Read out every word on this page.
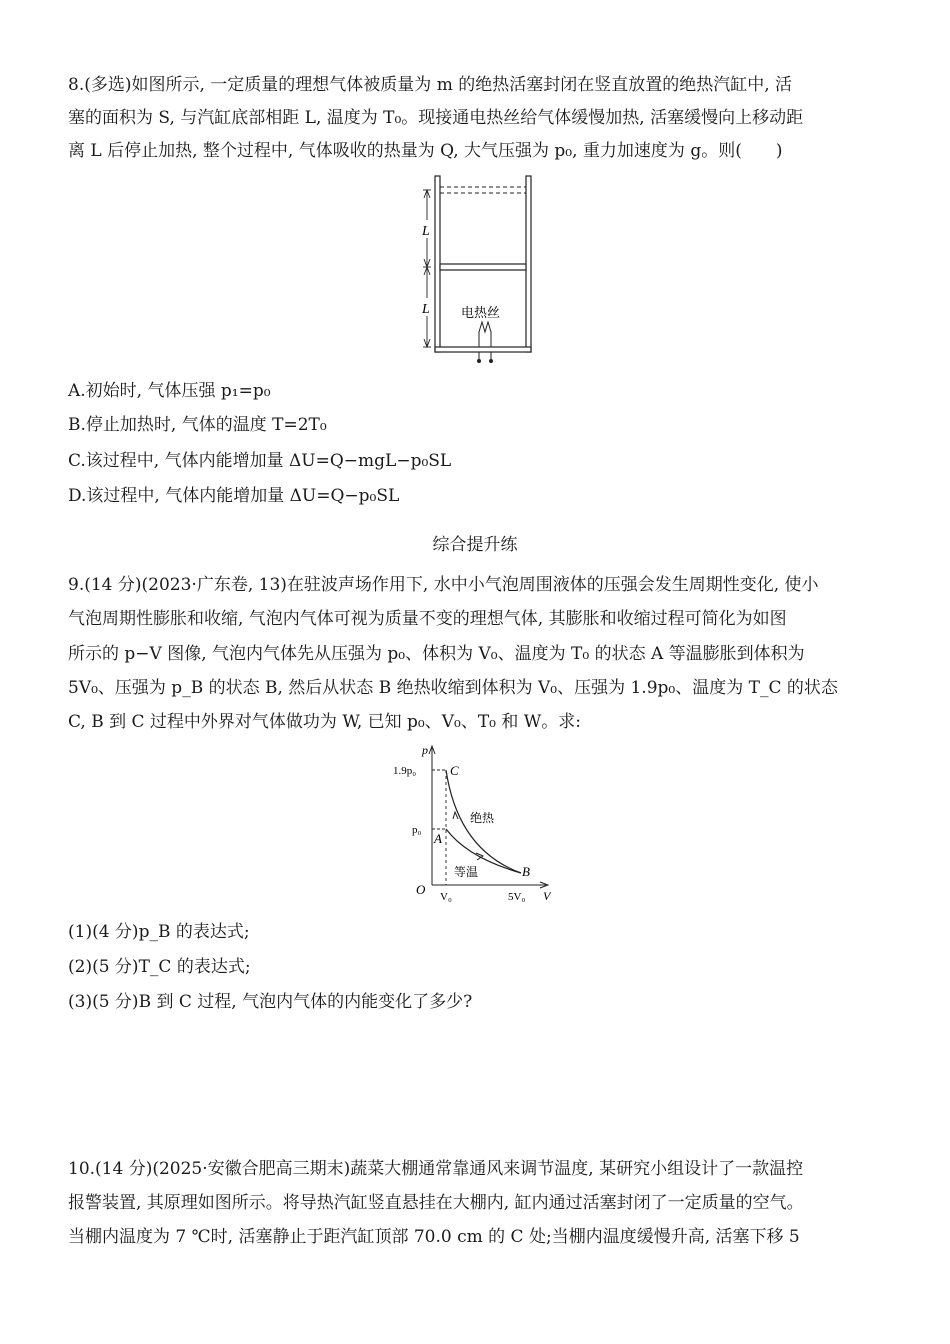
8.(多选)如图所示, 一定质量的理想气体被质量为 m 的绝热活塞封闭在竖直放置的绝热汽缸中, 活
塞的面积为 S, 与汽缸底部相距 L, 温度为 T₀。现接通电热丝给气体缓慢加热, 活塞缓慢向上移动距
离 L 后停止加热, 整个过程中, 气体吸收的热量为 Q, 大气压强为 p₀, 重力加速度为 g。则(　　)
L
L 电热丝
A.初始时, 气体压强 p₁=p₀
B.停止加热时, 气体的温度 T=2T₀
C.该过程中, 气体内能增加量 ΔU=Q−mgL−p₀SL
D.该过程中, 气体内能增加量 ΔU=Q−p₀SL
综合提升练
9.(14 分)(2023·广东卷, 13)在驻波声场作用下, 水中小气泡周围液体的压强会发生周期性变化, 使小
气泡周期性膨胀和收缩, 气泡内气体可视为质量不变的理想气体, 其膨胀和收缩过程可简化为如图
所示的 p−V 图像, 气泡内气体先从压强为 p₀、体积为 V₀、温度为 T₀ 的状态 A 等温膨胀到体积为
5V₀、压强为 p_B 的状态 B, 然后从状态 B 绝热收缩到体积为 V₀、压强为 1.9p₀、温度为 T_C 的状态
C, B 到 C 过程中外界对气体做功为 W, 已知 p₀、V₀、T₀ 和 W。求:
p
V
O
1.9p₀
p₀
V₀	5V₀
A
B
C
绝热
等温
(1)(4 分)p_B 的表达式;
(2)(5 分)T_C 的表达式;
(3)(5 分)B 到 C 过程, 气泡内气体的内能变化了多少?
10.(14 分)(2025·安徽合肥高三期末)蔬菜大棚通常靠通风来调节温度, 某研究小组设计了一款温控
报警装置, 其原理如图所示。将导热汽缸竖直悬挂在大棚内, 缸内通过活塞封闭了一定质量的空气。
当棚内温度为 7 ℃时, 活塞静止于距汽缸顶部 70.0 cm 的 C 处;当棚内温度缓慢升高, 活塞下移 5
